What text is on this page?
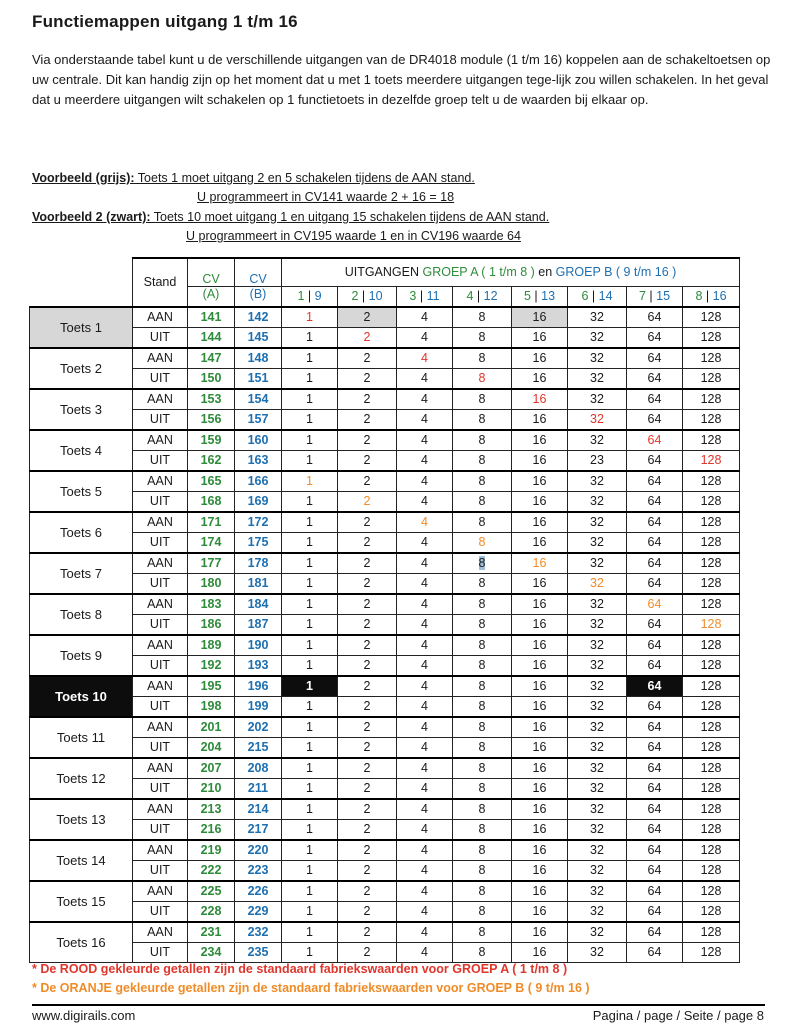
Functiemappen uitgang 1 t/m 16
Via onderstaande tabel kunt u de verschillende uitgangen van de DR4018 module (1 t/m 16) koppelen aan de schakeltoetsen op uw centrale. Dit kan handig zijn op het moment dat u met 1 toets meerdere uitgangen tege-lijk zou willen schakelen. In het geval dat u meerdere uitgangen wilt schakelen op 1 functietoets in dezelfde groep telt u de waarden bij elkaar op.
Voorbeeld (grijs): Toets 1 moet uitgang 2 en 5 schakelen tijdens de AAN stand.
U programmeert in CV141 waarde 2 + 16 = 18
Voorbeeld 2 (zwart): Toets 10 moet uitgang 1 en uitgang 15 schakelen tijdens de AAN stand.
U programmeert in CV195 waarde 1 en in CV196 waarde 64
	Stand	CV	CV	UITGANGEN GROEP A ( 1 t/m 8 ) en GROEP B ( 9 t/m 16 )							
		(A)	(B)	1 | 9	2 | 10	3 | 11	4 | 12	5 | 13	6 | 14	7 | 15	8 | 16
Toets 1	AAN	141	142	1	2	4	8	16	32	64	128
	UIT	144	145	1	2	4	8	16	32	64	128
Toets 2	AAN	147	148	1	2	4	8	16	32	64	128
	UIT	150	151	1	2	4	8	16	32	64	128
Toets 3	AAN	153	154	1	2	4	8	16	32	64	128
	UIT	156	157	1	2	4	8	16	32	64	128
Toets 4	AAN	159	160	1	2	4	8	16	32	64	128
	UIT	162	163	1	2	4	8	16	23	64	128
Toets 5	AAN	165	166	1	2	4	8	16	32	64	128
	UIT	168	169	1	2	4	8	16	32	64	128
Toets 6	AAN	171	172	1	2	4	8	16	32	64	128
	UIT	174	175	1	2	4	8	16	32	64	128
Toets 7	AAN	177	178	1	2	4	8	16	32	64	128
	UIT	180	181	1	2	4	8	16	32	64	128
Toets 8	AAN	183	184	1	2	4	8	16	32	64	128
	UIT	186	187	1	2	4	8	16	32	64	128
Toets 9	AAN	189	190	1	2	4	8	16	32	64	128
	UIT	192	193	1	2	4	8	16	32	64	128
Toets 10	AAN	195	196	1	2	4	8	16	32	64	128
	UIT	198	199	1	2	4	8	16	32	64	128
Toets 11	AAN	201	202	1	2	4	8	16	32	64	128
	UIT	204	215	1	2	4	8	16	32	64	128
Toets 12	AAN	207	208	1	2	4	8	16	32	64	128
	UIT	210	211	1	2	4	8	16	32	64	128
Toets 13	AAN	213	214	1	2	4	8	16	32	64	128
	UIT	216	217	1	2	4	8	16	32	64	128
Toets 14	AAN	219	220	1	2	4	8	16	32	64	128
	UIT	222	223	1	2	4	8	16	32	64	128
Toets 15	AAN	225	226	1	2	4	8	16	32	64	128
	UIT	228	229	1	2	4	8	16	32	64	128
Toets 16	AAN	231	232	1	2	4	8	16	32	64	128
	UIT	234	235	1	2	4	8	16	32	64	128
* De ROOD gekleurde getallen zijn de standaard fabriekswaarden voor GROEP A ( 1 t/m 8 )
* De ORANJE gekleurde getallen zijn de standaard fabriekswaarden voor GROEP B ( 9 t/m 16 )
www.digirails.com	Pagina / page / Seite / page 8
